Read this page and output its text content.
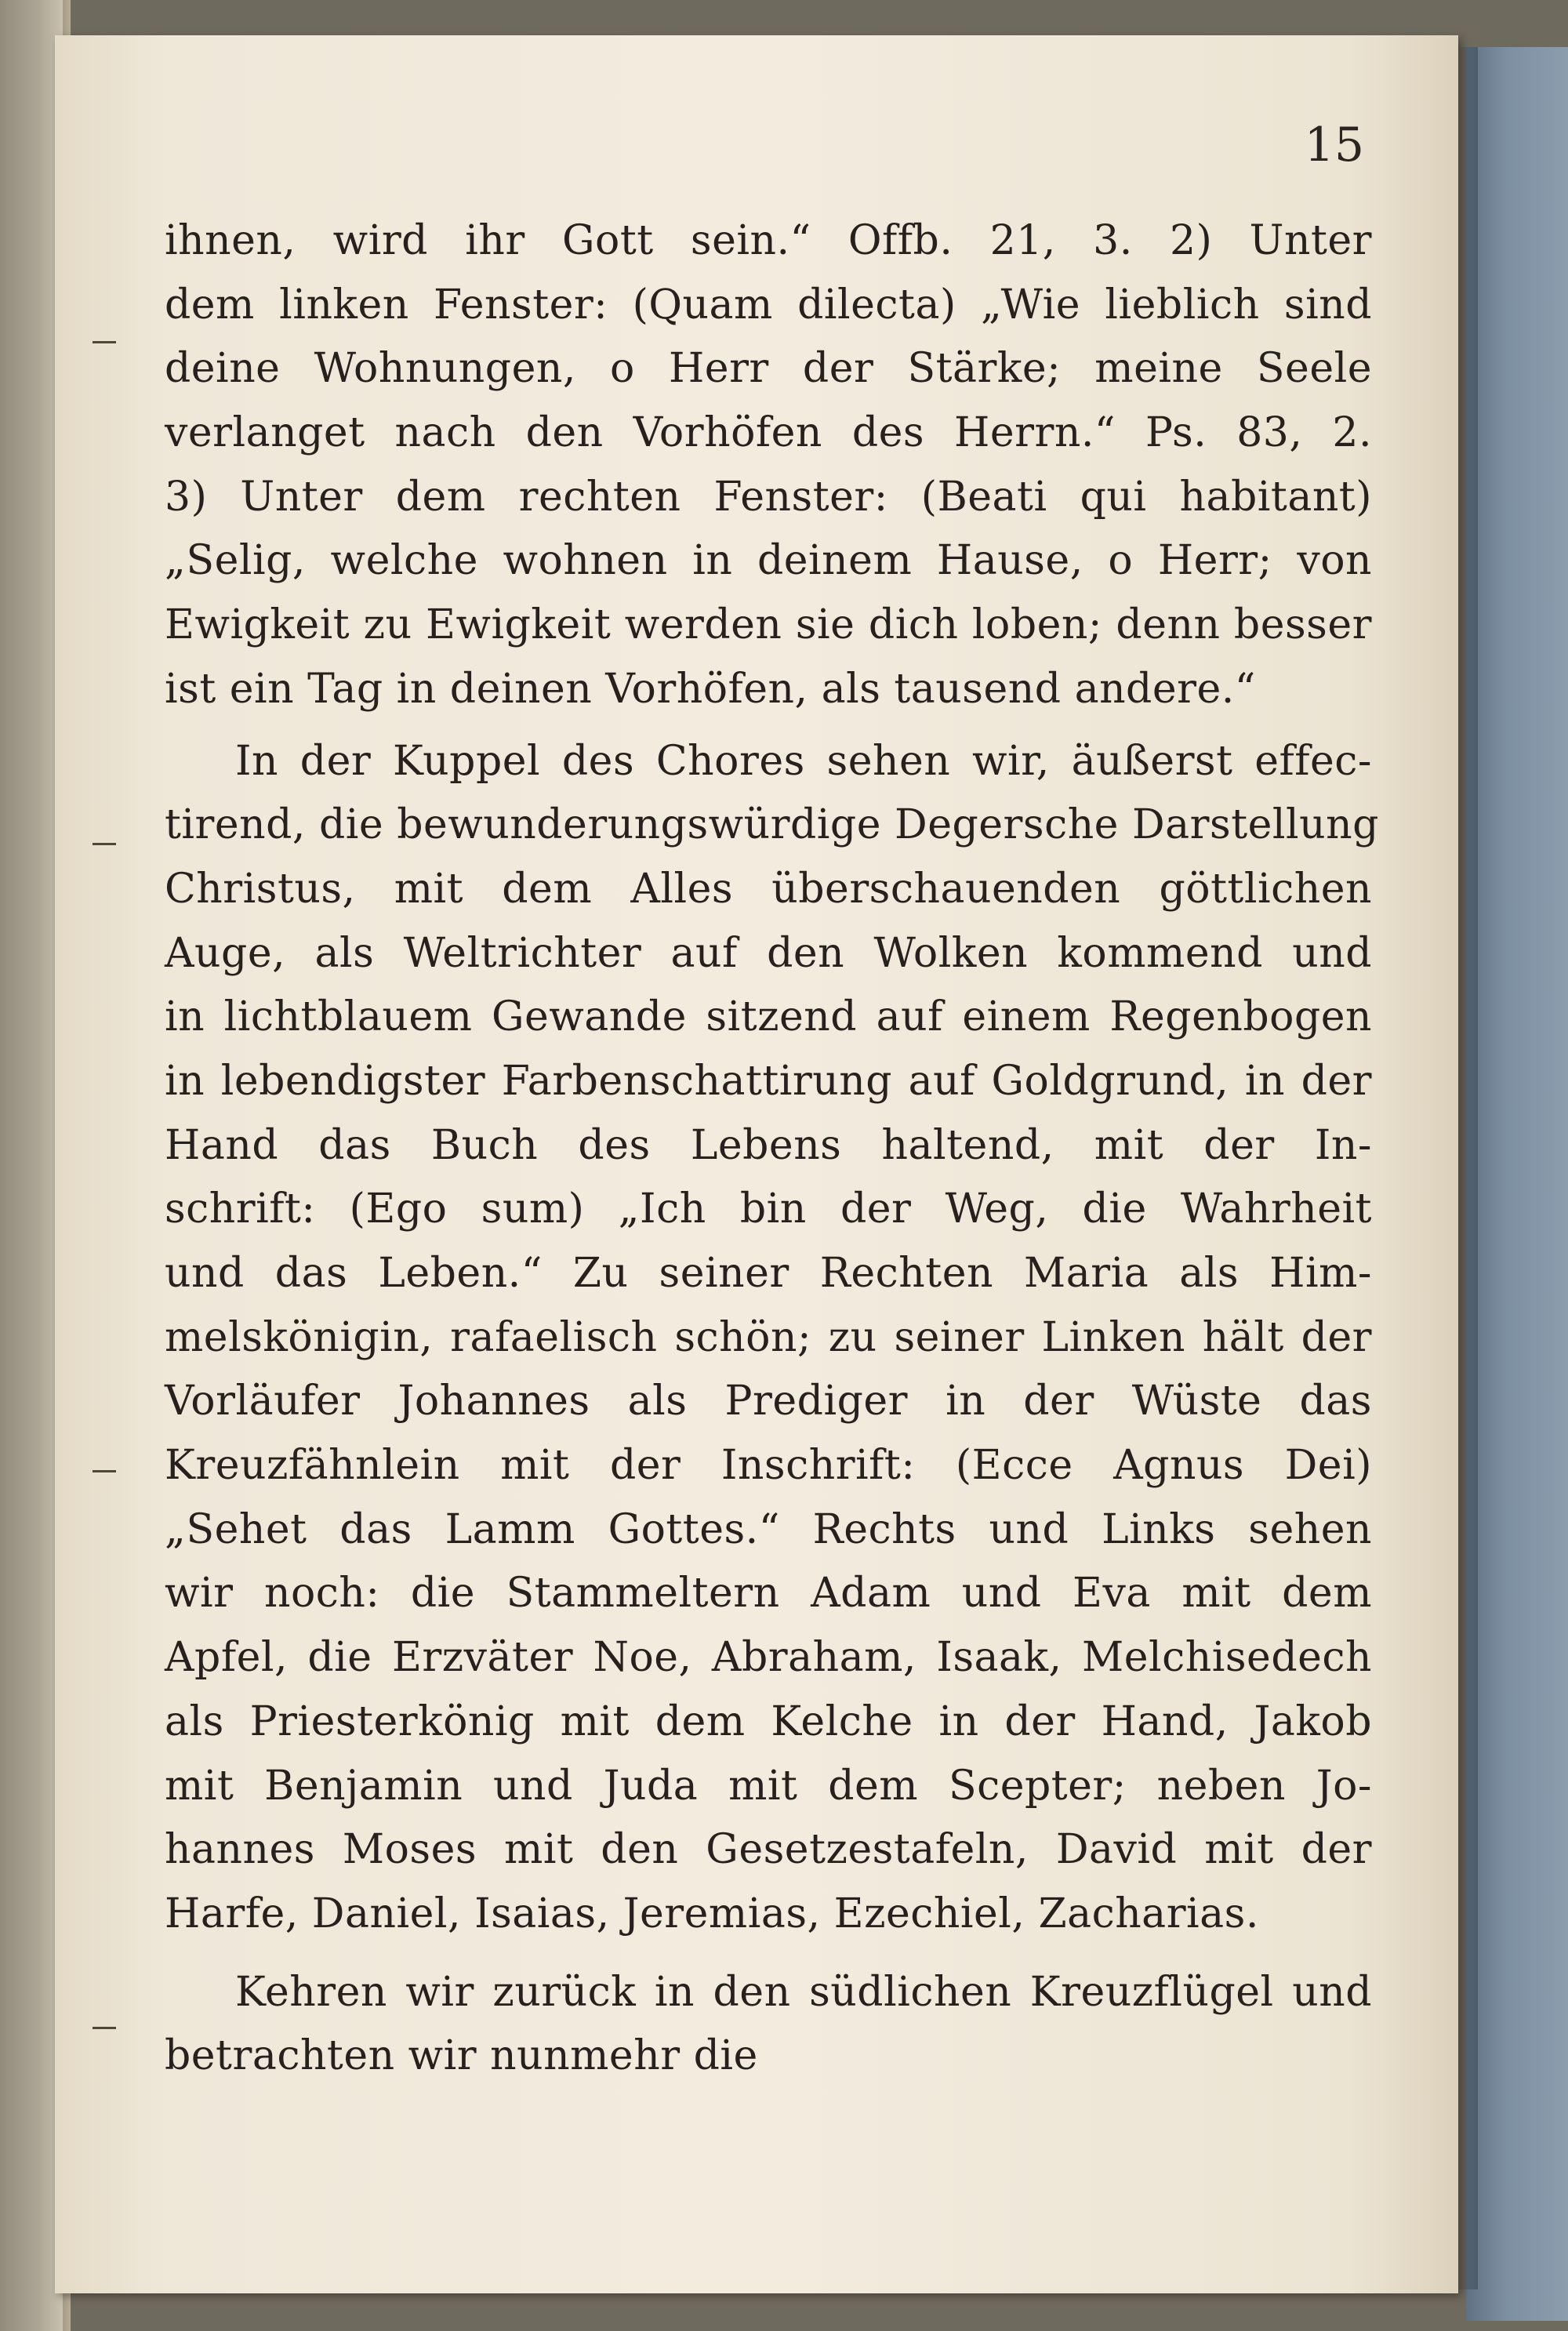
15
ihnen, wird ihr Gott sein.“ Offb. 21, 3. 2) Unter
dem linken Fenster: (Quam dilecta) „Wie lieblich sind
deine Wohnungen, o Herr der Stärke; meine Seele
verlanget nach den Vorhöfen des Herrn.“ Ps. 83, 2.
3) Unter dem rechten Fenster: (Beati qui habitant)
„Selig, welche wohnen in deinem Hause, o Herr; von
Ewigkeit zu Ewigkeit werden sie dich loben; denn besser
ist ein Tag in deinen Vorhöfen, als tausend andere.“
In der Kuppel des Chores sehen wir, äußerst effec-
tirend, die bewunderungswürdige Degersche Darstellung
Christus, mit dem Alles überschauenden göttlichen
Auge, als Weltrichter auf den Wolken kommend und
in lichtblauem Gewande sitzend auf einem Regenbogen
in lebendigster Farbenschattirung auf Goldgrund, in der
Hand das Buch des Lebens haltend, mit der In-
schrift: (Ego sum) „Ich bin der Weg, die Wahrheit
und das Leben.“ Zu seiner Rechten Maria als Him-
melskönigin, rafaelisch schön; zu seiner Linken hält der
Vorläufer Johannes als Prediger in der Wüste das
Kreuzfähnlein mit der Inschrift: (Ecce Agnus Dei)
„Sehet das Lamm Gottes.“ Rechts und Links sehen
wir noch: die Stammeltern Adam und Eva mit dem
Apfel, die Erzväter Noe, Abraham, Isaak, Melchisedech
als Priesterkönig mit dem Kelche in der Hand, Jakob
mit Benjamin und Juda mit dem Scepter; neben Jo-
hannes Moses mit den Gesetzestafeln, David mit der
Harfe, Daniel, Isaias, Jeremias, Ezechiel, Zacharias.
Kehren wir zurück in den südlichen Kreuzflügel und
betrachten wir nunmehr die
